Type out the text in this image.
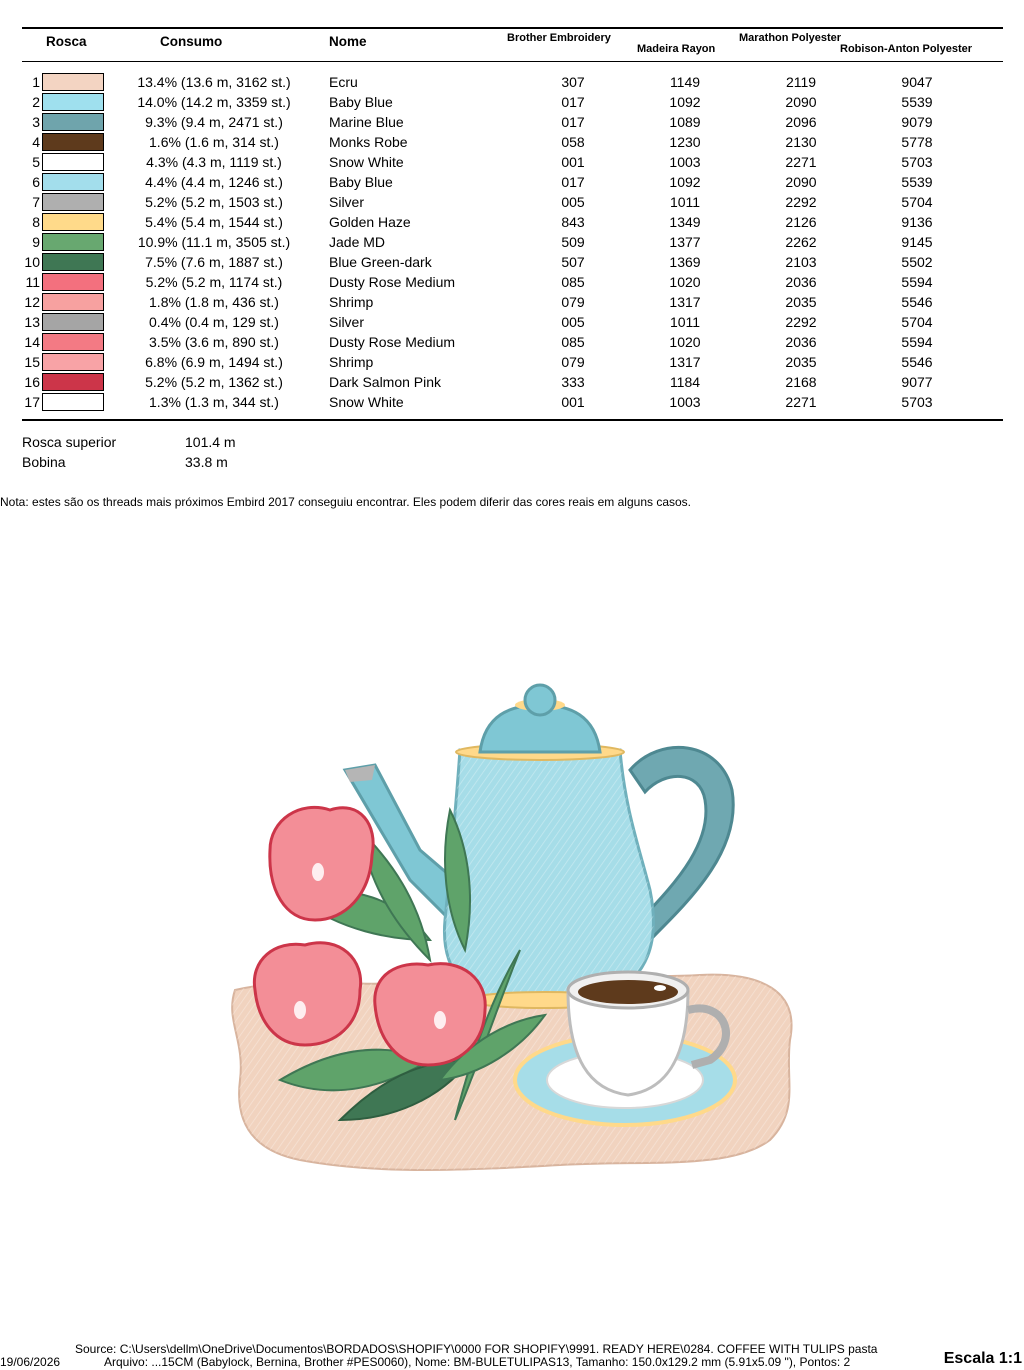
Rosca	Consumo	Nome	Brother Embroidery
Madeira Rayon
Marathon Polyester
Robison-Anton Polyester
1	13.4% (13.6 m, 3162 st.)	Ecru	307	1149	2119	9047
2	14.0% (14.2 m, 3359 st.)	Baby Blue	017	1092	2090	5539
3	9.3% (9.4 m, 2471 st.)	Marine Blue	017	1089	2096	9079
4	1.6% (1.6 m, 314 st.)	Monks Robe	058	1230	2130	5778
5	4.3% (4.3 m, 1119 st.)	Snow White	001	1003	2271	5703
6	4.4% (4.4 m, 1246 st.)	Baby Blue	017	1092	2090	5539
7	5.2% (5.2 m, 1503 st.)	Silver	005	1011	2292	5704
8	5.4% (5.4 m, 1544 st.)	Golden Haze	843	1349	2126	9136
9	10.9% (11.1 m, 3505 st.)	Jade MD	509	1377	2262	9145
10	7.5% (7.6 m, 1887 st.)	Blue Green-dark	507	1369	2103	5502
11	5.2% (5.2 m, 1174 st.)	Dusty Rose Medium	085	1020	2036	5594
12	1.8% (1.8 m, 436 st.)	Shrimp	079	1317	2035	5546
13	0.4% (0.4 m, 129 st.)	Silver	005	1011	2292	5704
14	3.5% (3.6 m, 890 st.)	Dusty Rose Medium	085	1020	2036	5594
15	6.8% (6.9 m, 1494 st.)	Shrimp	079	1317	2035	5546
16	5.2% (5.2 m, 1362 st.)	Dark Salmon Pink	333	1184	2168	9077
17	1.3% (1.3 m, 344 st.)	Snow White	001	1003	2271	5703
Rosca superior	101.4 m
Bobina	33.8 m
Nota: estes são os threads mais próximos Embird 2017 conseguiu encontrar. Eles podem diferir das cores reais em alguns casos.
Source: C:\Users\dellm\OneDrive\Documentos\BORDADOS\SHOPIFY\0000 FOR SHOPIFY\9991. READY HERE\0284. COFFEE WITH TULIPS pasta
19/06/2026	Arquivo: ...15CM (Babylock, Bernina, Brother #PES0060), Nome: BM-BULETULIPAS13, Tamanho: 150.0x129.2 mm (5.91x5.09 "), Pontos: 2	Escala 1:1
